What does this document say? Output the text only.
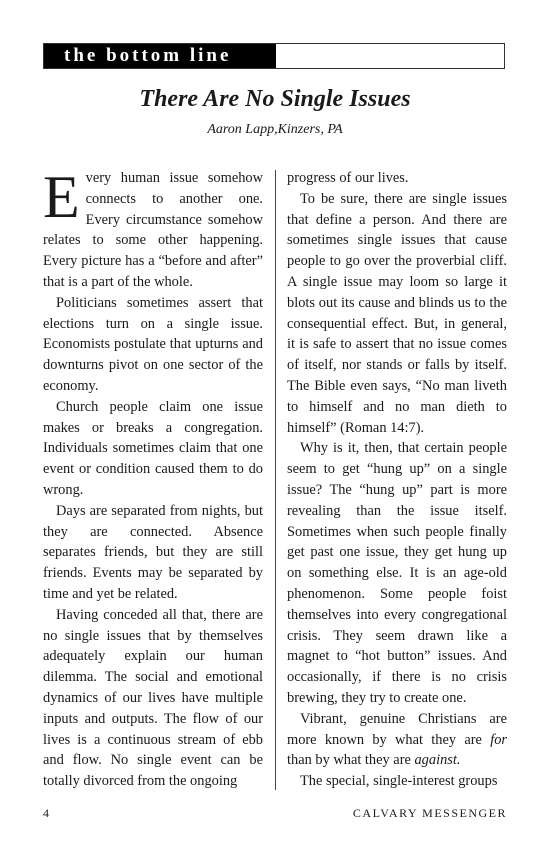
the bottom line
There Are No Single Issues
Aaron Lapp,Kinzers, PA

Every human issue somehow connects to another one. Every circumstance somehow relates to some other happening. Every picture has a “before and after” that is a part of the whole.

Politicians sometimes assert that elections turn on a single issue. Economists postulate that upturns and downturns pivot on one sector of the economy.

Church people claim one issue makes or breaks a congregation. Individuals sometimes claim that one event or condition caused them to do wrong.

Days are separated from nights, but they are connected. Absence separates friends, but they are still friends. Events may be separated by time and yet be related.

Having conceded all that, there are no single issues that by themselves adequately explain our human dilemma. The social and emotional dynamics of our lives have multiple inputs and outputs. The flow of our lives is a continuous stream of ebb and flow. No single event can be totally divorced from the ongoing

progress of our lives.

To be sure, there are single issues that define a person. And there are sometimes single issues that cause people to go over the proverbial cliff. A single issue may loom so large it blots out its cause and blinds us to the consequential effect. But, in general, it is safe to assert that no issue comes of itself, nor stands or falls by itself. The Bible even says, “No man liveth to himself and no man dieth to himself” (Roman 14:7).

Why is it, then, that certain people seem to get “hung up” on a single issue? The “hung up” part is more revealing than the issue itself. Sometimes when such people finally get past one issue, they get hung up on something else. It is an age-old phenomenon. Some people foist themselves into every congregational crisis. They seem drawn like a magnet to “hot button” issues. And occasionally, if there is no crisis brewing, they try to create one.

Vibrant, genuine Christians are more known by what they are for than by what they are against.

The special, single-interest groups

4	CALVARY MESSENGER
